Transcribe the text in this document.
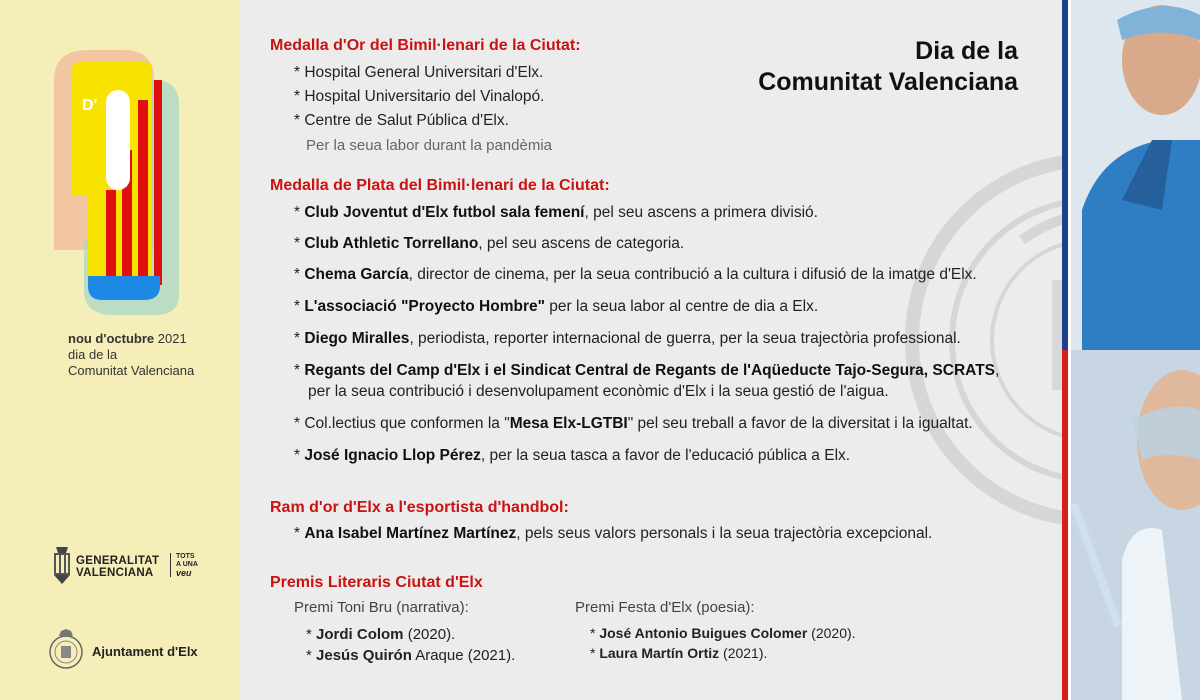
D'
nou d'octubre 2021
dia de la
Comunitat Valenciana
GENERALITAT
VALENCIANA
TOTS
A UNA
veu
Ajuntament d'Elx
Dia de la
Comunitat Valenciana
Medalla d'Or del Bimil·lenari de la Ciutat:
* Hospital General Universitari d'Elx.
* Hospital Universitario del Vinalopó.
* Centre de Salut Pública d'Elx.
Per la seua labor durant la pandèmia
Medalla de Plata del Bimil·lenari de la Ciutat:
* Club Joventut d'Elx futbol sala femení, pel seu ascens a primera divisió.
* Club Athletic Torrellano, pel seu ascens de categoria.
* Chema García, director de cinema, per la seua contribució a la cultura i difusió de la imatge d'Elx.
* L'associació "Proyecto Hombre" per la seua labor al centre de dia a Elx.
* Diego Miralles, periodista, reporter internacional de guerra, per la seua trajectòria professional.
* Regants del Camp d'Elx i el Sindicat Central de Regants de l'Aqüeducte Tajo-Segura, SCRATS,
per la seua contribució i desenvolupament econòmic d'Elx i la seua gestió de l'aigua.
* Col.lectius que conformen la "Mesa Elx-LGTBI" pel seu treball a favor de la diversitat i la igualtat.
* José Ignacio Llop Pérez, per la seua tasca a favor de l'educació pública a Elx.
Ram d'or d'Elx a l'esportista d'handbol:
* Ana Isabel Martínez Martínez, pels seus valors personals i la seua trajectòria excepcional.
Premis Literaris Ciutat d'Elx
Premi Toni Bru (narrativa):
* Jordi Colom (2020).
* Jesús Quirón Araque (2021).
Premi Festa d'Elx (poesia):
* José Antonio Buigues Colomer (2020).
* Laura Martín Ortiz (2021).
